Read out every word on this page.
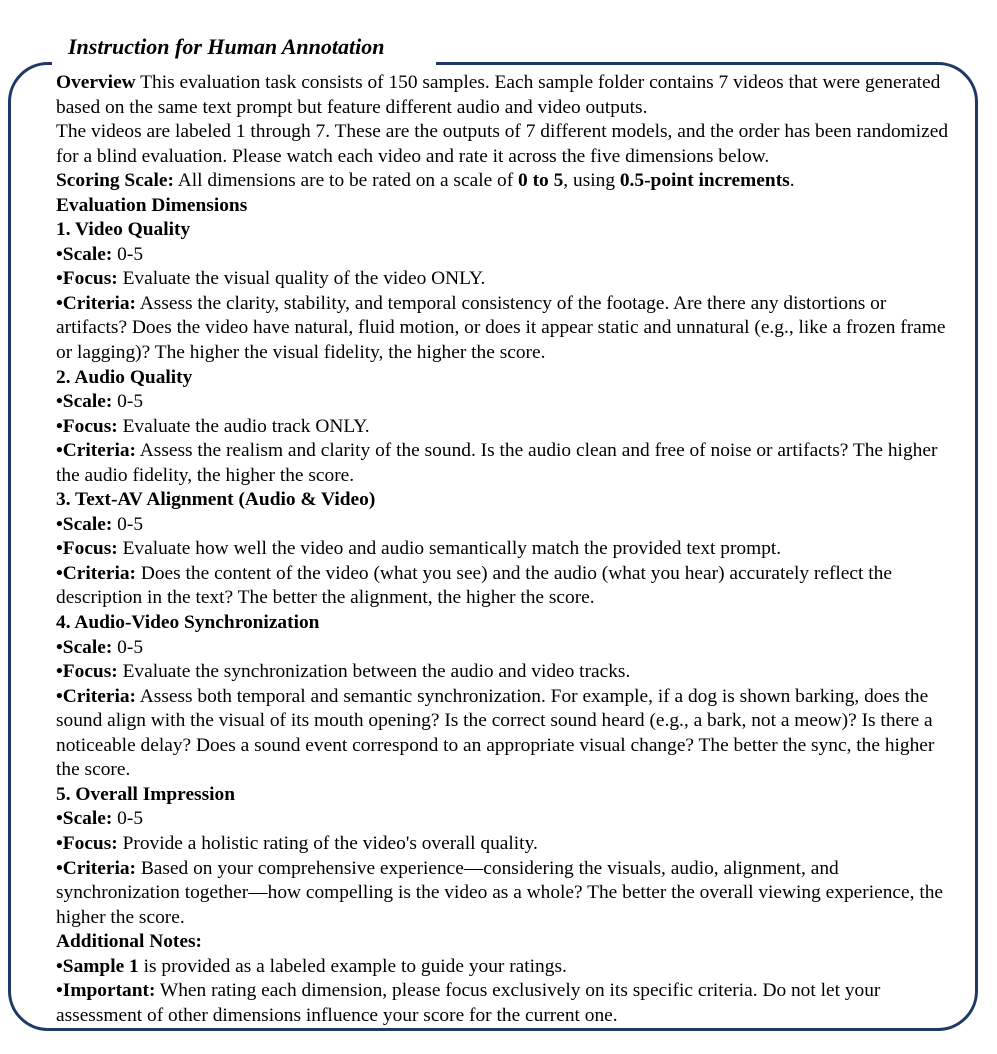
Instruction for Human Annotation

Overview This evaluation task consists of 150 samples. Each sample folder contains 7 videos that were generated based on the same text prompt but feature different audio and video outputs.

The videos are labeled 1 through 7. These are the outputs of 7 different models, and the order has been randomized for a blind evaluation. Please watch each video and rate it across the five dimensions below.

Scoring Scale: All dimensions are to be rated on a scale of 0 to 5, using 0.5-point increments.

Evaluation Dimensions

1. Video Quality

•Scale: 0-5

•Focus: Evaluate the visual quality of the video ONLY.

•Criteria: Assess the clarity, stability, and temporal consistency of the footage. Are there any distortions or artifacts? Does the video have natural, fluid motion, or does it appear static and unnatural (e.g., like a frozen frame or lagging)? The higher the visual fidelity, the higher the score.

2. Audio Quality

•Scale: 0-5

•Focus: Evaluate the audio track ONLY.

•Criteria: Assess the realism and clarity of the sound. Is the audio clean and free of noise or artifacts? The higher the audio fidelity, the higher the score.

3. Text-AV Alignment (Audio & Video)

•Scale: 0-5

•Focus: Evaluate how well the video and audio semantically match the provided text prompt.

•Criteria: Does the content of the video (what you see) and the audio (what you hear) accurately reflect the description in the text? The better the alignment, the higher the score.

4. Audio-Video Synchronization

•Scale: 0-5

•Focus: Evaluate the synchronization between the audio and video tracks.

•Criteria: Assess both temporal and semantic synchronization. For example, if a dog is shown barking, does the sound align with the visual of its mouth opening? Is the correct sound heard (e.g., a bark, not a meow)? Is there a noticeable delay? Does a sound event correspond to an appropriate visual change? The better the sync, the higher the score.

5. Overall Impression

•Scale: 0-5

•Focus: Provide a holistic rating of the video's overall quality.

•Criteria: Based on your comprehensive experience—considering the visuals, audio, alignment, and synchronization together—how compelling is the video as a whole? The better the overall viewing experience, the higher the score.

Additional Notes:

•Sample 1 is provided as a labeled example to guide your ratings.

•Important: When rating each dimension, please focus exclusively on its specific criteria. Do not let your assessment of other dimensions influence your score for the current one.
